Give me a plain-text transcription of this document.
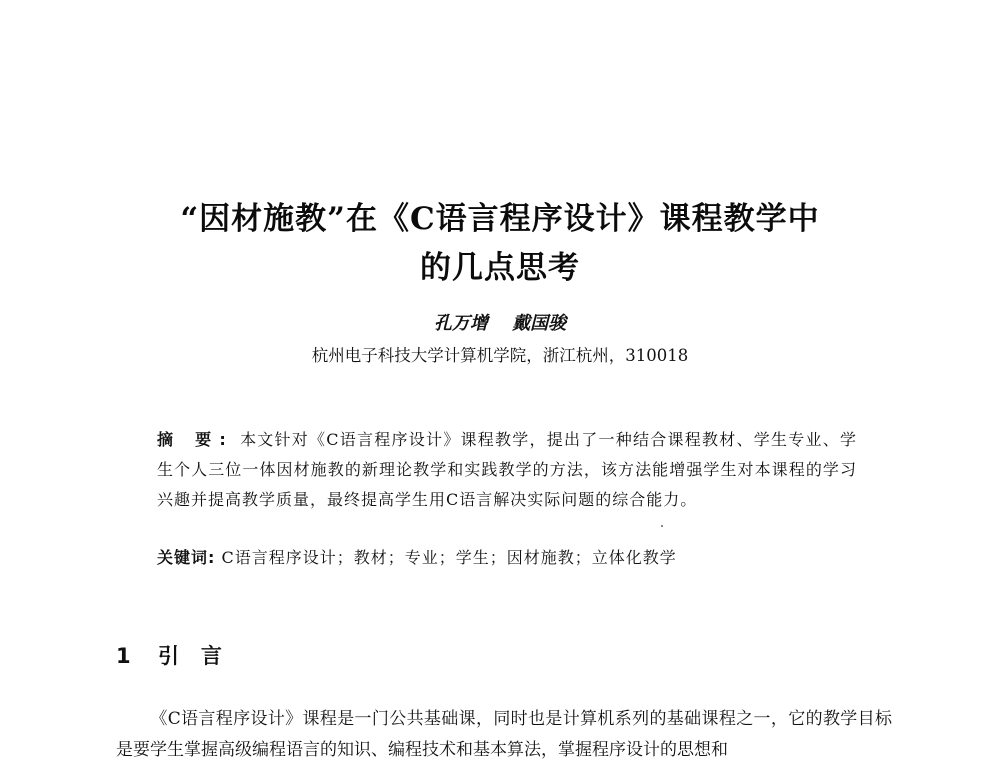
“因材施教”在《C语言程序设计》课程教学中
的几点思考
孔万增 戴国骏
杭州电子科技大学计算机学院，浙江杭州，310018
摘 要: 本文针对《C语言程序设计》课程教学，提出了一种结合课程教材、学生专业、学生个人三位一体因材施教的新理论教学和实践教学的方法，该方法能增强学生对本课程的学习兴趣并提高教学质量，最终提高学生用C语言解决实际问题的综合能力。
关键词: C语言程序设计；教材；专业；学生；因材施教；立体化教学
1 引言
《C语言程序设计》课程是一门公共基础课，同时也是计算机系列的基础课程之一，它的教学目标是要学生掌握高级编程语言的知识、编程技术和基本算法，掌握程序设计的思想和
